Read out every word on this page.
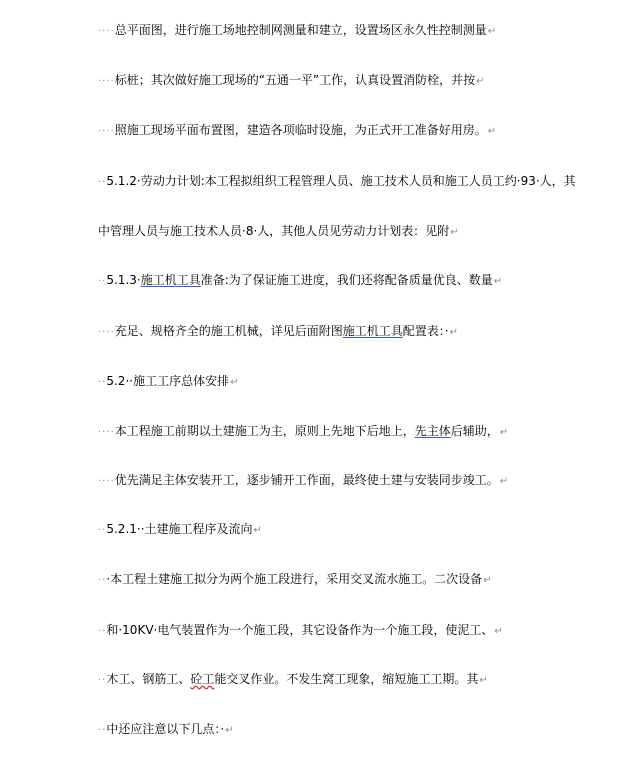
····总平面图，进行施工场地控制网测量和建立，设置场区永久性控制测量↵
····标桩；其次做好施工现场的“五通一平”工作，认真设置消防栓，并按↵
····照施工现场平面布置图，建造各项临时设施，为正式开工准备好用房。↵
··5.1.2·劳动力计划:本工程拟组织工程管理人员、施工技术人员和施工人员工约·93·人，其
中管理人员与施工技术人员·8·人，其他人员见劳动力计划表：见附↵
··5.1.3·施工机工具准备:为了保证施工进度，我们还将配备质量优良、数量↵
····充足、规格齐全的施工机械，详见后面附图施工机工具配置表：·↵
··5.2··施工工序总体安排↵
····本工程施工前期以土建施工为主，原则上先地下后地上，先主体后辅助，↵
····优先满足主体安装开工，逐步铺开工作面，最终使土建与安装同步竣工。↵
··5.2.1··土建施工程序及流向↵
···本工程土建施工拟分为两个施工段进行，采用交叉流水施工。二次设备↵
··和·10KV·电气装置作为一个施工段，其它设备作为一个施工段，使泥工、↵
··木工、钢筋工、砼工能交叉作业。不发生窝工现象，缩短施工工期。其↵
··中还应注意以下几点：·↵
